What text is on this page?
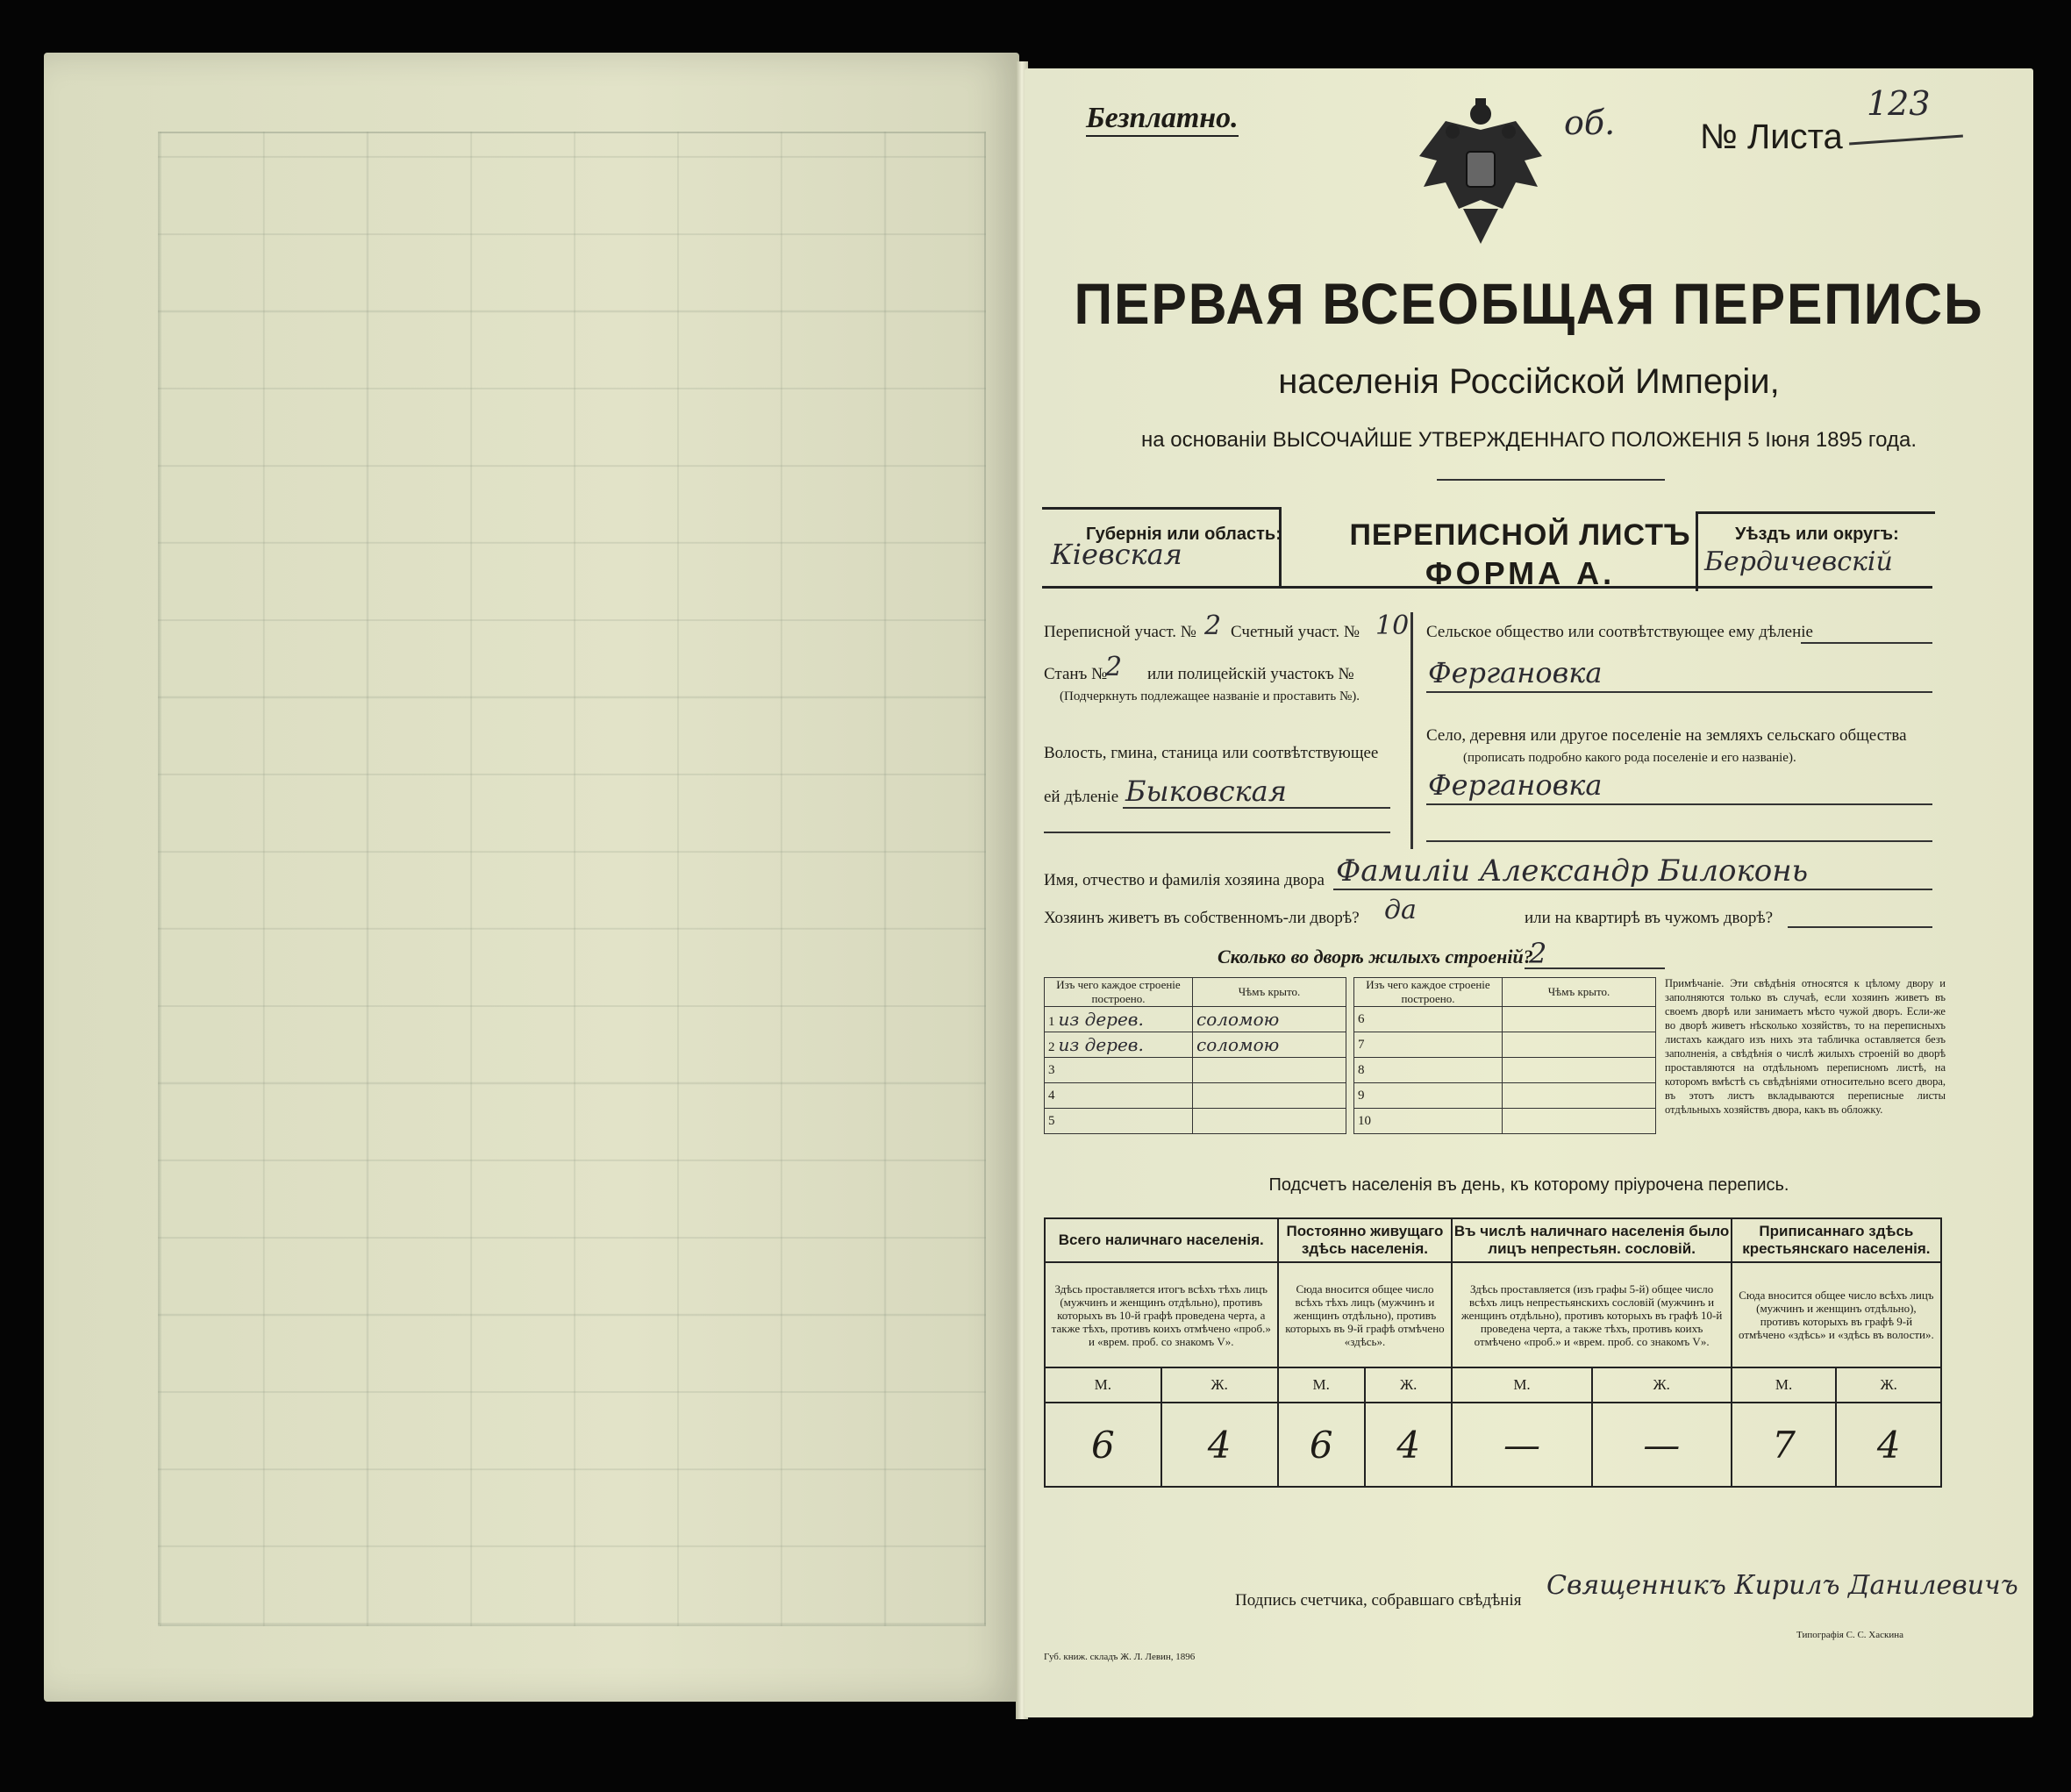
Безплатно.	об. № Листа
123
ПЕРВАЯ ВСЕОБЩАЯ ПЕРЕПИСЬ
населенія Россійской Имперіи,
на основаніи ВЫСОЧАЙШЕ УТВЕРЖДЕННАГО ПОЛОЖЕНІЯ 5 Іюня 1895 года.
Губернія или область:
Кіевская
ПЕРЕПИСНОЙ ЛИСТЪ
ФОРМА А.
Уѣздъ или округъ:
Бердичевскій
Переписной участ. № 2 Счетный участ. № 10
Станъ №
2 или полицейскій участокъ №
(Подчеркнуть подлежащее названіе и проставить №).
Волость, гмина, станица или соотвѣтствующее
ей дѣленіе Быковская
Сельское общество или соотвѣтствующее ему дѣленіе
Фергановка
Село, деревня или другое поселеніе на земляхъ сельскаго общества
(прописать подробно какого рода поселеніе и его названіе).
Фергановка
Имя, отчество и фамилія хозяина двора Фамиліи Александр Билоконь
Хозяинъ живетъ въ собственномъ-ли дворѣ? да	или на квартирѣ въ чужомъ дворѣ?
Сколько во дворѣ жилыхъ строеній?
2
Изъ чего каждое строеніе построено.	Чѣмъ крыто.
1 из дерев.	соломою
2 из дерев.	соломою
3	
4	
5	
Изъ чего каждое строеніе построено.	Чѣмъ крыто.
6	
7	
8	
9	
10	
Примѣчаніе. Эти свѣдѣнія относятся к цѣлому двору и заполняются только въ случаѣ, если хозяинъ живетъ въ своемъ дворѣ или занимаетъ мѣсто чужой дворъ. Если-же во дворѣ живетъ нѣсколько хозяйствъ, то на переписныхъ листахъ каждаго изъ нихъ эта табличка оставляется безъ заполненія, а свѣдѣнія о числѣ жилыхъ строеній во дворѣ проставляются на отдѣльномъ переписномъ листѣ, на которомъ вмѣстѣ съ свѣдѣніями относительно всего двора, въ этотъ листъ вкладываются переписные листы отдѣльныхъ хозяйствъ двора, какъ въ обложку.
Подсчетъ населенія въ день, къ которому пріурочена перепись.
Всего наличнаго населенія.		Постоянно живущаго здѣсь населенія.		Въ числѣ наличнаго населенія было лицъ непрестьян. сословій.		Приписаннаго здѣсь крестьянскаго населенія.	
Здѣсь проставляется итогъ всѣхъ тѣхъ лицъ (мужчинъ и женщинъ отдѣльно), противъ которыхъ въ 10-й графѣ проведена черта, а также тѣхъ, противъ коихъ отмѣчено «проб.» и «врем. проб. со знакомъ V».		Сюда вносится общее число всѣхъ тѣхъ лицъ (мужчинъ и женщинъ отдѣльно), противъ которыхъ въ 9-й графѣ отмѣчено «здѣсь».		Здѣсь проставляется (изъ графы 5-й) общее число всѣхъ лицъ непрестьянскихъ сословій (мужчинъ и женщинъ отдѣльно), противъ которыхъ въ графѣ 10-й проведена черта, а также тѣхъ, противъ коихъ отмѣчено «проб.» и «врем. проб. со знакомъ V».		Сюда вносится общее число всѣхъ лицъ (мужчинъ и женщинъ отдѣльно), противъ которыхъ въ графѣ 9-й отмѣчено «здѣсь» и «здѣсь въ волости».	
М.	Ж.	М.	Ж.	М.	Ж.	М.	Ж.
6	4	6	4	—	—	7	4
Подпись счетчика, собравшаго свѣдѣнія Священникъ Кирилъ Данилевичъ
Губ. книж. складъ Ж. Л. Левин, 1896
Типографія С. С. Хаскина
